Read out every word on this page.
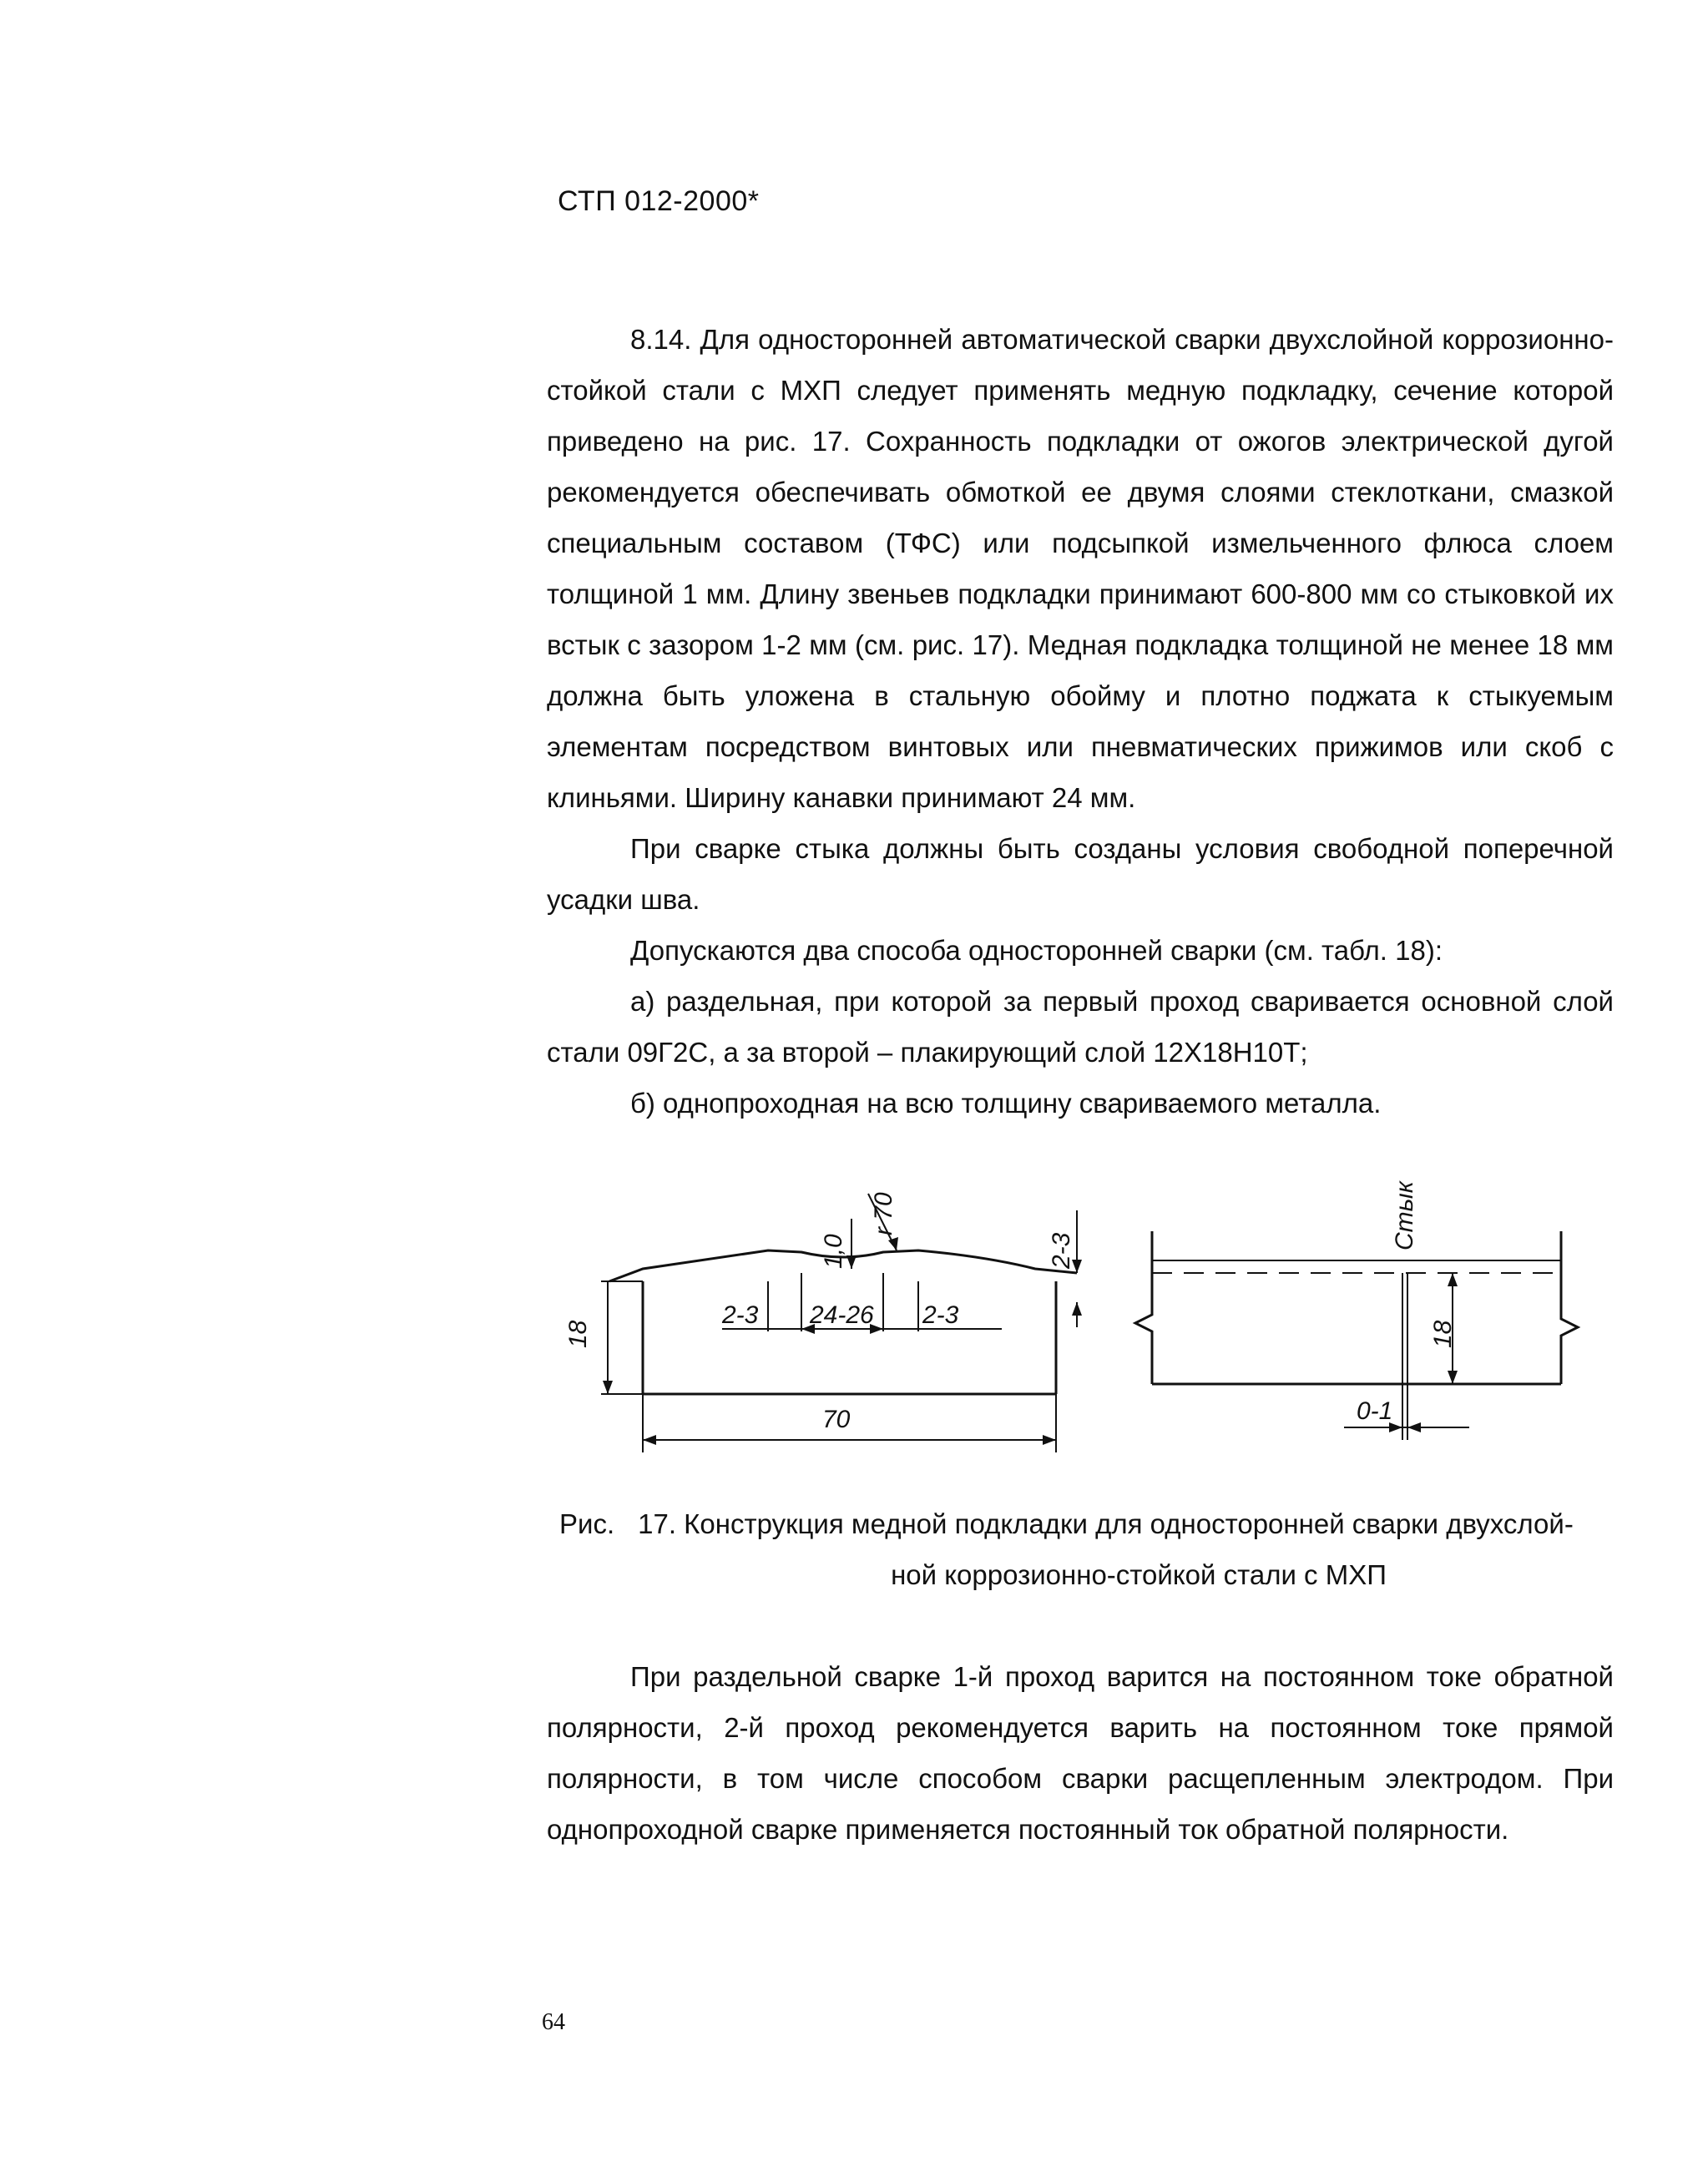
СТП 012-2000*

8.14. Для односторонней автоматической сварки двухслойной коррозионно-стойкой стали с МХП следует применять медную подкладку, сечение которой приведено на рис. 17. Сохранность подкладки от ожогов электрической дугой рекомендуется обеспечивать обмоткой ее двумя слоями стеклоткани, смазкой специальным составом (ТФС) или подсыпкой измельченного флюса слоем толщиной 1 мм. Длину звеньев подкладки принимают 600-800 мм со стыковкой их встык с зазором 1-2 мм (см. рис. 17). Медная подкладка толщиной не менее 18 мм должна быть уложена в стальную обойму и плотно поджата к стыкуемым элементам посредством винтовых или пневматических прижимов или скоб с клиньями. Ширину канавки принимают 24 мм.

При сварке стыка должны быть созданы условия свободной поперечной усадки шва.

Допускаются два способа односторонней сварки (см. табл. 18):

а) раздельная, при которой за первый проход сваривается основной слой стали 09Г2С, а за второй – плакирующий слой 12Х18Н10Т;

б) однопроходная на всю толщину свариваемого металла.

70
18
24-26
2-3	2-3
1,0
r 70
2-3
Стык
18
0-1
Рис. 17. Конструкция медной подкладки для односторонней сварки двухслой-
ной коррозионно-стойкой стали с МХП

При раздельной сварке 1-й проход варится на постоянном токе обратной полярности, 2-й проход рекомендуется варить на постоянном токе прямой полярности, в том числе способом сварки расщепленным электродом. При однопроходной сварке применяется постоянный ток обратной полярности.

64
